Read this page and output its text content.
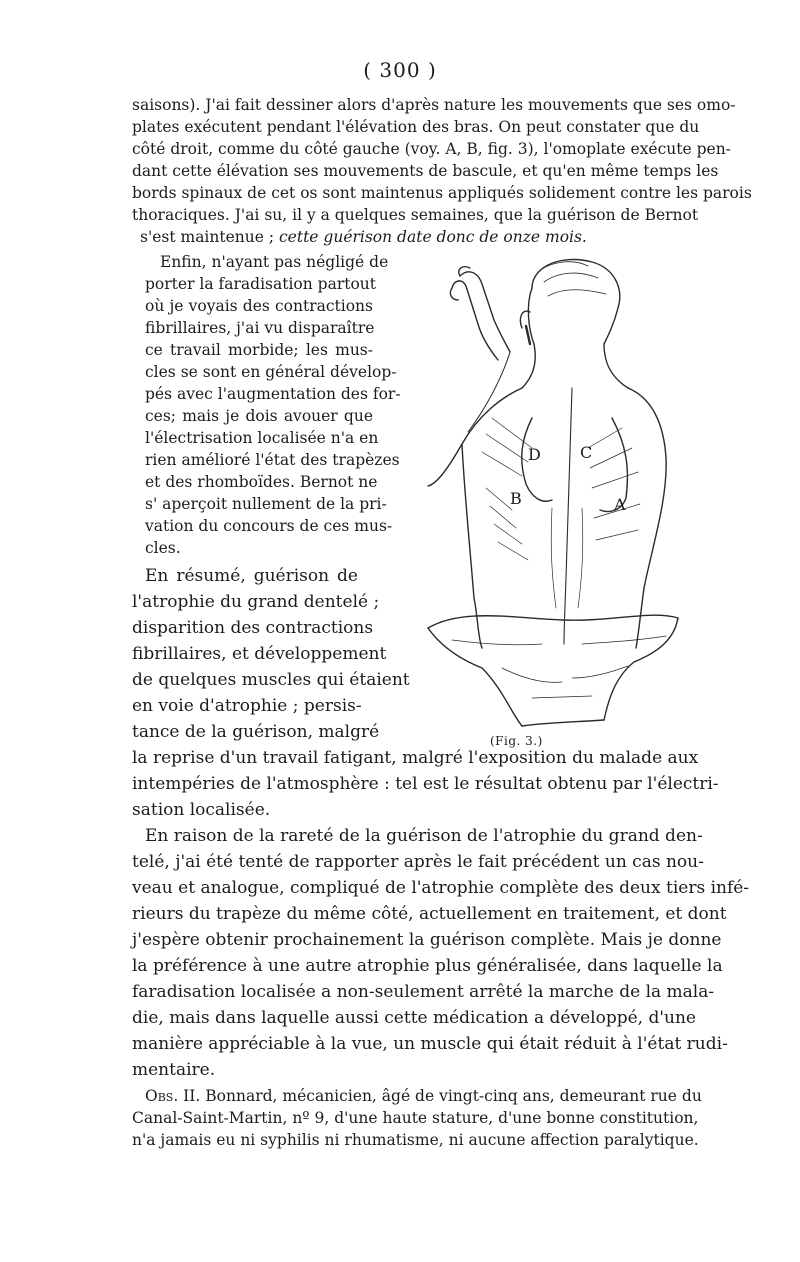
( 300 )
saisons). J'ai fait dessiner alors d'après nature les mouvements que ses omo-
plates exécutent pendant l'élévation des bras. On peut constater que du
côté droit, comme du côté gauche (voy. A, B, fig. 3), l'omoplate exécute pen-
dant cette élévation ses mouvements de bascule, et qu'en même temps les
bords spinaux de cet os sont maintenus appliqués solidement contre les parois
thoraciques. J'ai su, il y a quelques semaines, que la guérison de Bernot
s'est maintenue ; cette guérison date donc de onze mois.
Enfin, n'ayant pas négligé de
porter la faradisation partout
où je voyais des contractions
fibrillaires, j'ai vu disparaître
ce travail morbide; les mus-
cles se sont en général dévelop-
pés avec l'augmentation des for-
ces; mais je dois avouer que
l'électrisation localisée n'a en
rien amélioré l'état des trapèzes
et des rhomboïdes. Bernot ne
s' aperçoit nullement de la pri-
vation du concours de ces mus-
cles.
En résumé, guérison de
l'atrophie du grand dentelé ;
disparition des contractions
fibrillaires, et développement
de quelques muscles qui étaient
en voie d'atrophie ; persis-
tance de la guérison, malgré
la reprise d'un travail fatigant, malgré l'exposition du malade aux
intempéries de l'atmosphère : tel est le résultat obtenu par l'électri-
sation localisée.
En raison de la rareté de la guérison de l'atrophie du grand den-
telé, j'ai été tenté de rapporter après le fait précédent un cas nou-
veau et analogue, compliqué de l'atrophie complète des deux tiers infé-
rieurs du trapèze du même côté, actuellement en traitement, et dont
j'espère obtenir prochainement la guérison complète. Mais je donne
la préférence à une autre atrophie plus généralisée, dans laquelle la
faradisation localisée a non-seulement arrêté la marche de la mala-
die, mais dans laquelle aussi cette médication a développé, d'une
manière appréciable à la vue, un muscle qui était réduit à l'état rudi-
mentaire.
Obs. II. Bonnard, mécanicien, âgé de vingt-cinq ans, demeurant rue du
Canal-Saint-Martin, nº 9, d'une haute stature, d'une bonne constitution,
n'a jamais eu ni syphilis ni rhumatisme, ni aucune affection paralytique.
D C
B	A
(Fig. 3.)
